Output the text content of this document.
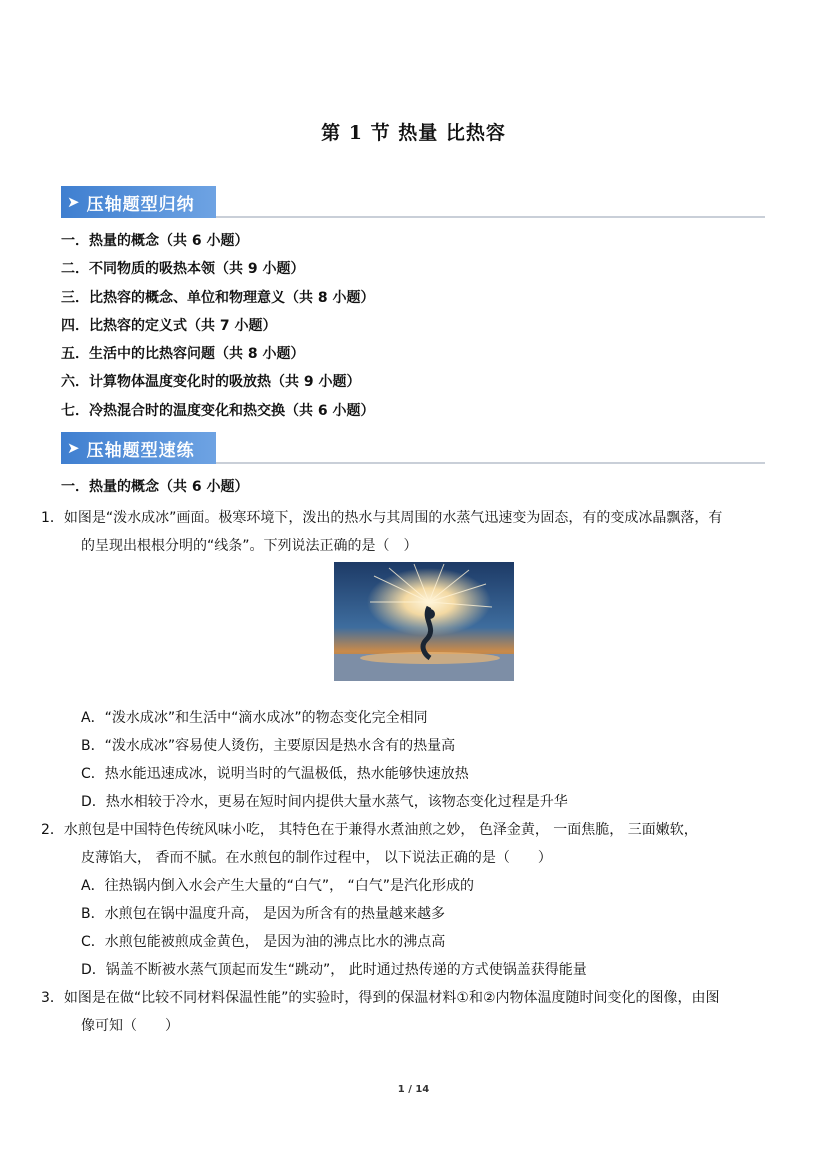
第 1 节 热量 比热容
➤ 压轴题型归纳
一．热量的概念（共 6 小题）
二．不同物质的吸热本领（共 9 小题）
三．比热容的概念、单位和物理意义（共 8 小题）
四．比热容的定义式（共 7 小题）
五．生活中的比热容问题（共 8 小题）
六．计算物体温度变化时的吸放热（共 9 小题）
七．冷热混合时的温度变化和热交换（共 6 小题）
➤ 压轴题型速练
一．热量的概念（共 6 小题）
1．如图是“泼水成冰”画面。极寒环境下，泼出的热水与其周围的水蒸气迅速变为固态，有的变成冰晶飘落，有
的呈现出根根分明的“线条”。下列说法正确的是（　）
A．“泼水成冰”和生活中“滴水成冰”的物态变化完全相同
B．“泼水成冰”容易使人烫伤，主要原因是热水含有的热量高
C．热水能迅速成冰，说明当时的气温极低，热水能够快速放热
D．热水相较于冷水，更易在短时间内提供大量水蒸气，该物态变化过程是升华
2．水煎包是中国特色传统风味小吃， 其特色在于兼得水煮油煎之妙， 色泽金黄， 一面焦脆， 三面嫩软，
皮薄馅大， 香而不腻。在水煎包的制作过程中， 以下说法正确的是（　　）
A．往热锅内倒入水会产生大量的“白气”， “白气”是汽化形成的
B．水煎包在锅中温度升高， 是因为所含有的热量越来越多
C．水煎包能被煎成金黄色， 是因为油的沸点比水的沸点高
D．锅盖不断被水蒸气顶起而发生“跳动”， 此时通过热传递的方式使锅盖获得能量
3．如图是在做“比较不同材料保温性能”的实验时，得到的保温材料①和②内物体温度随时间变化的图像，由图
像可知（　　）
1 / 14
